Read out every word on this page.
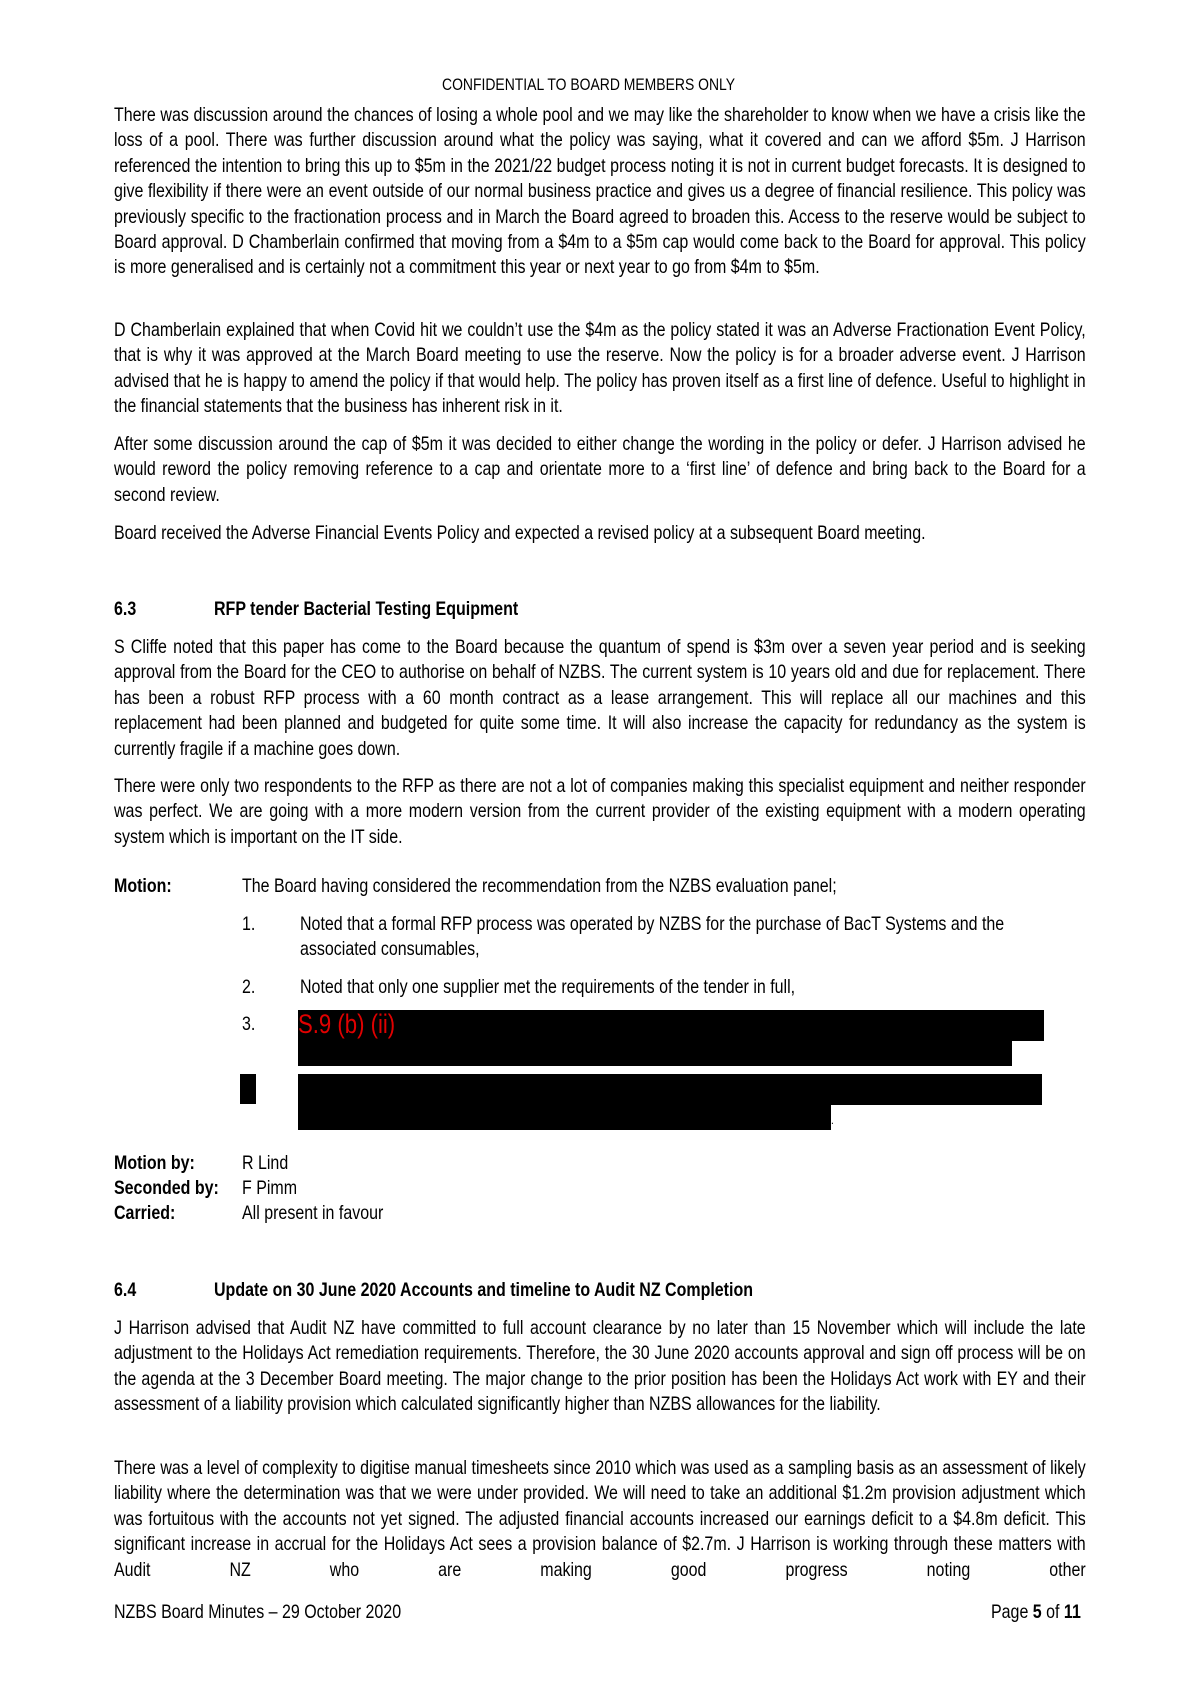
CONFIDENTIAL TO BOARD MEMBERS ONLY

There was discussion around the chances of losing a whole pool and we may like the shareholder to know when we have a crisis like the loss of a pool. There was further discussion around what the policy was saying, what it covered and can we afford $5m. J Harrison referenced the intention to bring this up to $5m in the 2021/22 budget process noting it is not in current budget forecasts. It is designed to give flexibility if there were an event outside of our normal business practice and gives us a degree of financial resilience. This policy was previously specific to the fractionation process and in March the Board agreed to broaden this. Access to the reserve would be subject to Board approval. D Chamberlain confirmed that moving from a $4m to a $5m cap would come back to the Board for approval. This policy is more generalised and is certainly not a commitment this year or next year to go from $4m to $5m.

D Chamberlain explained that when Covid hit we couldn’t use the $4m as the policy stated it was an Adverse Fractionation Event Policy, that is why it was approved at the March Board meeting to use the reserve. Now the policy is for a broader adverse event. J Harrison advised that he is happy to amend the policy if that would help. The policy has proven itself as a first line of defence. Useful to highlight in the financial statements that the business has inherent risk in it.

After some discussion around the cap of $5m it was decided to either change the wording in the policy or defer. J Harrison advised he would reword the policy removing reference to a cap and orientate more to a ‘first line’ of defence and bring back to the Board for a second review.

Board received the Adverse Financial Events Policy and expected a revised policy at a subsequent Board meeting.

6.3	RFP tender Bacterial Testing Equipment

S Cliffe noted that this paper has come to the Board because the quantum of spend is $3m over a seven year period and is seeking approval from the Board for the CEO to authorise on behalf of NZBS. The current system is 10 years old and due for replacement. There has been a robust RFP process with a 60 month contract as a lease arrangement. This will replace all our machines and this replacement had been planned and budgeted for quite some time. It will also increase the capacity for redundancy as the system is currently fragile if a machine goes down.

There were only two respondents to the RFP as there are not a lot of companies making this specialist equipment and neither responder was perfect. We are going with a more modern version from the current provider of the existing equipment with a modern operating system which is important on the IT side.

Motion:	The Board having considered the recommendation from the NZBS evaluation panel;
1. Noted that a formal RFP process was operated by NZBS for the purchase of BacT Systems and the associated consumables,

2. Noted that only one supplier met the requirements of the tender in full,

3. S.9 (b) (ii)
.
Motion by: R Lind
Seconded by: F Pimm
Carried:	All present in favour
6.4	Update on 30 June 2020 Accounts and timeline to Audit NZ Completion

J Harrison advised that Audit NZ have committed to full account clearance by no later than 15 November which will include the late adjustment to the Holidays Act remediation requirements. Therefore, the 30 June 2020 accounts approval and sign off process will be on the agenda at the 3 December Board meeting. The major change to the prior position has been the Holidays Act work with EY and their assessment of a liability provision which calculated significantly higher than NZBS allowances for the liability.

There was a level of complexity to digitise manual timesheets since 2010 which was used as a sampling basis as an assessment of likely liability where the determination was that we were under provided. We will need to take an additional $1.2m provision adjustment which was fortuitous with the accounts not yet signed. The adjusted financial accounts increased our earnings deficit to a $4.8m deficit. This significant increase in accrual for the Holidays Act sees a provision balance of $2.7m. J Harrison is working through these matters with Audit NZ who are making good progress noting other

NZBS Board Minutes – 29 October 2020	Page 5 of 11
